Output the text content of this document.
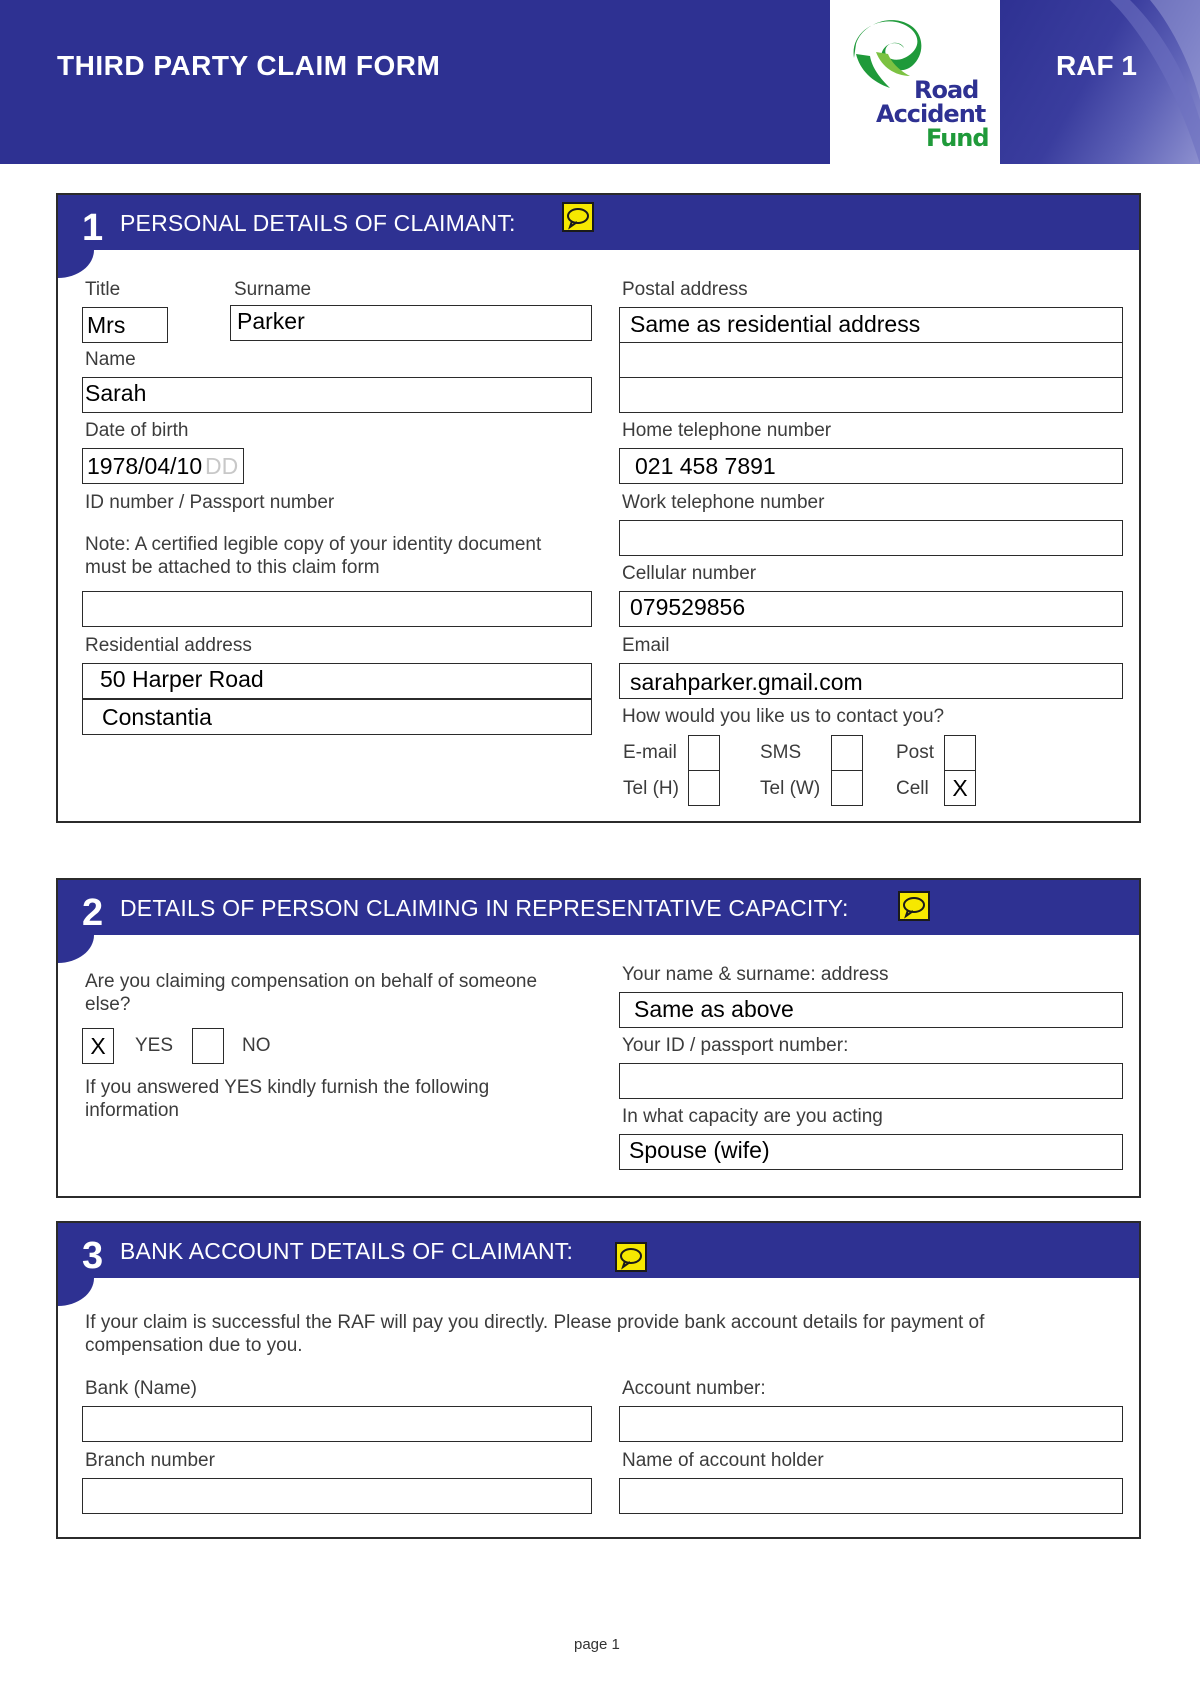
THIRD PARTY CLAIM FORM
Road
Accident
Fund
RAF 1
1 PERSONAL DETAILS OF CLAIMANT:
Title
Mrs
Surname
Parker
Name
Sarah
Date of birth
1978/04/10 DD
ID number / Passport number
Note: A certified legible copy of your identity document must be attached to this claim form
Residential address
50 Harper Road
Constantia
Postal address
Same as residential address
Home telephone number
021 458 7891
Work telephone number
Cellular number
079529856
Email
sarahparker.gmail.com
How would you like us to contact you?
E-mail	SMS	Post
Tel (H)	Tel (W)	Cell	X
2 DETAILS OF PERSON CLAIMING IN REPRESENTATIVE CAPACITY:
Are you claiming compensation on behalf of someone else?
X	YES	NO
If you answered YES kindly furnish the following information
Your name & surname: address
Same as above
Your ID / passport number:
In what capacity are you acting
Spouse (wife)
3 BANK ACCOUNT DETAILS OF CLAIMANT:
If your claim is successful the RAF will pay you directly. Please provide bank account details for payment of compensation due to you.
Bank (Name)	Account number:
Branch number	Name of account holder
page 1
